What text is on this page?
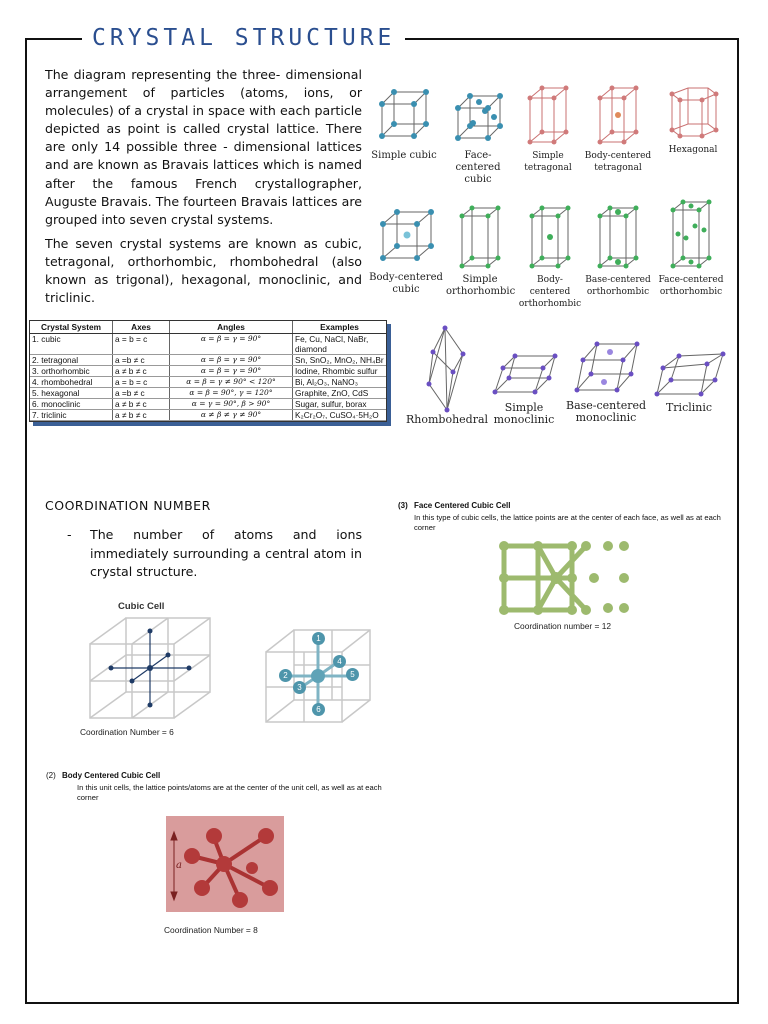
CRYSTAL STRUCTURE

The diagram representing the three- dimensional arrangement of particles (atoms, ions, or molecules) of a crystal in space with each particle depicted as point is called crystal lattice. There are only 14 possible three - dimensional lattices and are known as Bravais lattices which is named after the famous French crystallographer, Auguste Bravais. The fourteen Bravais lattices are grouped into seven crystal systems.

The seven crystal systems are known as cubic, tetragonal, orthorhombic, rhombohedral (also known as trigonal), hexagonal, monoclinic, and triclinic.

Simple cubic	Face-centered cubic
Simple tetragonal
Body-centered tetragonal
Hexagonal
Body-centered cubic
Simple orthorhombic
Body-centered orthorhombic
Base-centered orthorhombic
Face-centered orthorhombic
Rhombohedral
Simple monoclinic
Base-centered monoclinic
Triclinic
Crystal System	Axes	Angles	Examples
1. cubic	a = b = c	α = β = γ = 90°	Fe, Cu, NaCl, NaBr, diamond
2. tetragonal	a =b ≠ c	α = β = γ = 90°	Sn, SnO₂, MnO₂, NH₄Br
3. orthorhombic	a ≠ b ≠ c	α = β = γ = 90°	Iodine, Rhombic sulfur
4. rhombohedral	a = b = c	α = β = γ ≠ 90° < 120°	Bi, Al₂O₃, NaNO₃
5. hexagonal	a =b ≠ c	α = β = 90°, γ = 120°	Graphite, ZnO, CdS
6. monoclinic	a ≠ b ≠ c	α = γ = 90°, β > 90°	Sugar, sulfur, borax
7. triclinic	a ≠ b ≠ c	α ≠ β ≠ γ ≠ 90°	K₂Cr₂O₇, CuSO₄·5H₂O
COORDINATION NUMBER
- The number of atoms and ions immediately surrounding a central atom in crystal structure.
Cubic Cell
Coordination Number = 6
1
2
3
4
5
6
(3) Face Centered Cubic Cell
In this type of cubic cells, the lattice points are at the center of each face, as well as at each corner
Coordination number = 12
(2) Body Centered Cubic Cell
In this unit cells, the lattice points/atoms are at the center of the unit cell, as well as at each corner
a
Coordination Number = 8
